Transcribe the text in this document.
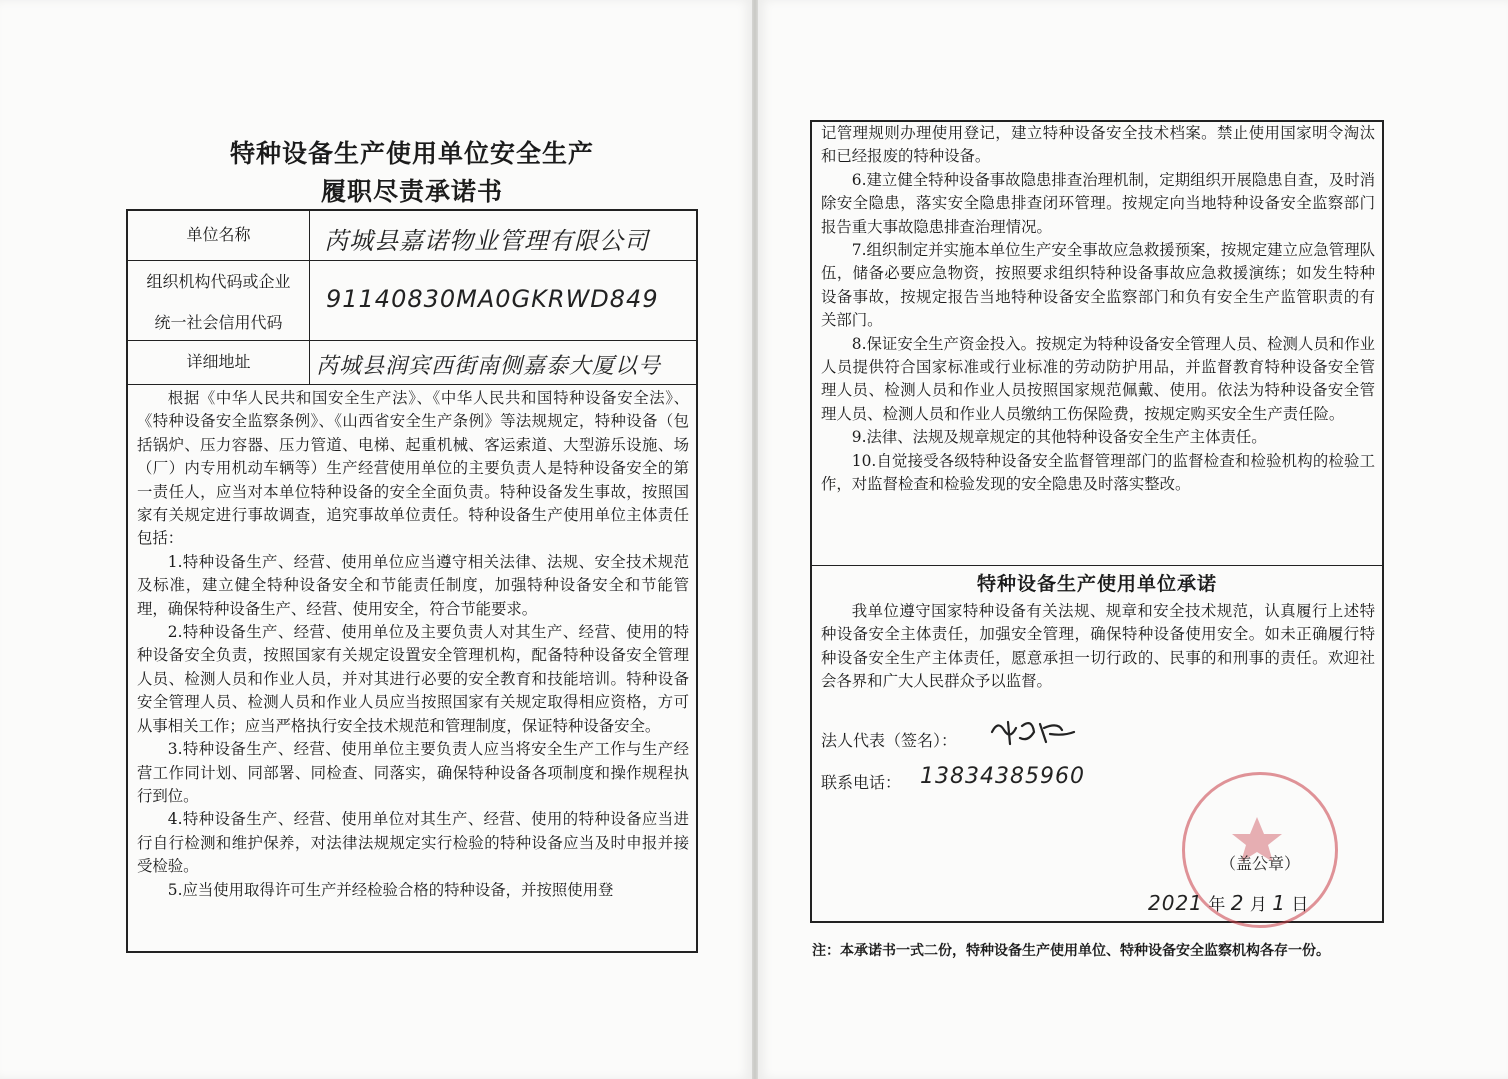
特种设备生产使用单位安全生产
履职尽责承诺书
单位名称	芮城县嘉诺物业管理有限公司
组织机构代码或企业
统一社会信用代码
91140830MA0GKRWD849
详细地址	芮城县润宾西街南侧嘉泰大厦以号

根据《中华人民共和国安全生产法》、《中华人民共和国特种设备安全法》、《特种设备安全监察条例》、《山西省安全生产条例》等法规规定，特种设备（包括锅炉、压力容器、压力管道、电梯、起重机械、客运索道、大型游乐设施、场（厂）内专用机动车辆等）生产经营使用单位的主要负责人是特种设备安全的第一责任人，应当对本单位特种设备的安全全面负责。特种设备发生事故，按照国家有关规定进行事故调查，追究事故单位责任。特种设备生产使用单位主体责任包括：

1.特种设备生产、经营、使用单位应当遵守相关法律、法规、安全技术规范及标准，建立健全特种设备安全和节能责任制度，加强特种设备安全和节能管理，确保特种设备生产、经营、使用安全，符合节能要求。

2.特种设备生产、经营、使用单位及主要负责人对其生产、经营、使用的特种设备安全负责，按照国家有关规定设置安全管理机构，配备特种设备安全管理人员、检测人员和作业人员，并对其进行必要的安全教育和技能培训。特种设备安全管理人员、检测人员和作业人员应当按照国家有关规定取得相应资格，方可从事相关工作；应当严格执行安全技术规范和管理制度，保证特种设备安全。

3.特种设备生产、经营、使用单位主要负责人应当将安全生产工作与生产经营工作同计划、同部署、同检查、同落实，确保特种设备各项制度和操作规程执行到位。

4.特种设备生产、经营、使用单位对其生产、经营、使用的特种设备应当进行自行检测和维护保养，对法律法规规定实行检验的特种设备应当及时申报并接受检验。

5.应当使用取得许可生产并经检验合格的特种设备，并按照使用登

记管理规则办理使用登记，建立特种设备安全技术档案。禁止使用国家明令淘汰和已经报废的特种设备。

6.建立健全特种设备事故隐患排查治理机制，定期组织开展隐患自查，及时消除安全隐患，落实安全隐患排查闭环管理。按规定向当地特种设备安全监察部门报告重大事故隐患排查治理情况。

7.组织制定并实施本单位生产安全事故应急救援预案，按规定建立应急管理队伍，储备必要应急物资，按照要求组织特种设备事故应急救援演练；如发生特种设备事故，按规定报告当地特种设备安全监察部门和负有安全生产监管职责的有关部门。

8.保证安全生产资金投入。按规定为特种设备安全管理人员、检测人员和作业人员提供符合国家标准或行业标准的劳动防护用品，并监督教育特种设备安全管理人员、检测人员和作业人员按照国家规范佩戴、使用。依法为特种设备安全管理人员、检测人员和作业人员缴纳工伤保险费，按规定购买安全生产责任险。

9.法律、法规及规章规定的其他特种设备安全生产主体责任。

10.自觉接受各级特种设备安全监督管理部门的监督检查和检验机构的检验工作，对监督检查和检验发现的安全隐患及时落实整改。

特种设备生产使用单位承诺

我单位遵守国家特种设备有关法规、规章和安全技术规范，认真履行上述特种设备安全主体责任，加强安全管理，确保特种设备使用安全。如未正确履行特种设备安全生产主体责任，愿意承担一切行政的、民事的和刑事的责任。欢迎社会各界和广大人民群众予以监督。

法人代表（签名）：
联系电话： 13834385960
（盖公章）
2021 年 2 月 1 日
注：本承诺书一式二份，特种设备生产使用单位、特种设备安全监察机构各存一份。
